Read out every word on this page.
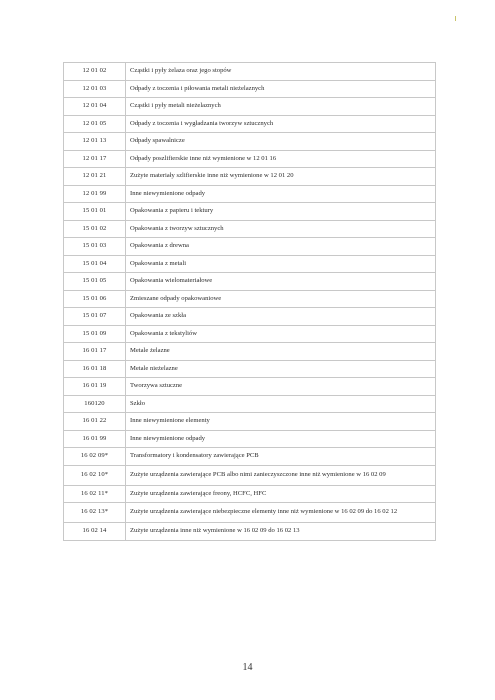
12 01 02	Cząstki i pyły żelaza oraz jego stopów
12 01 03	Odpady z toczenia i piłowania metali nieżelaznych
12 01 04	Cząstki i pyły metali nieżelaznych
12 01 05	Odpady z toczenia i wygładzania tworzyw sztucznych
12 01 13	Odpady spawalnicze
12 01 17	Odpady poszlifierskie inne niż wymienione w 12 01 16
12 01 21	Zużyte materiały szlifierskie inne niż wymienione w 12 01 20
12 01 99	Inne niewymienione odpady
15 01 01	Opakowania z papieru i tektury
15 01 02	Opakowania z tworzyw sztucznych
15 01 03	Opakowania z drewna
15 01 04	Opakowania z metali
15 01 05	Opakowania wielomateriałowe
15 01 06	Zmieszane odpady opakowaniowe
15 01 07	Opakowania ze szkła
15 01 09	Opakowania z tekstyliów
16 01 17	Metale żelazne
16 01 18	Metale nieżelazne
16 01 19	Tworzywa sztuczne
160120	Szkło
16 01 22	Inne niewymienione elementy
16 01 99	Inne niewymienione odpady
16 02 09*	Transformatory i kondensatory zawierające PCB
16 02 10*	Zużyte urządzenia zawierające PCB albo nimi zanieczyszczone inne niż wymienione w 16 02 09
16 02 11*	Zużyte urządzenia zawierające freony, HCFC, HFC
16 02 13*	Zużyte urządzenia zawierające niebezpieczne elementy inne niż wymienione w 16 02 09 do 16 02 12
16 02 14	Zużyte urządzenia inne niż wymienione w 16 02 09 do 16 02 13
14
